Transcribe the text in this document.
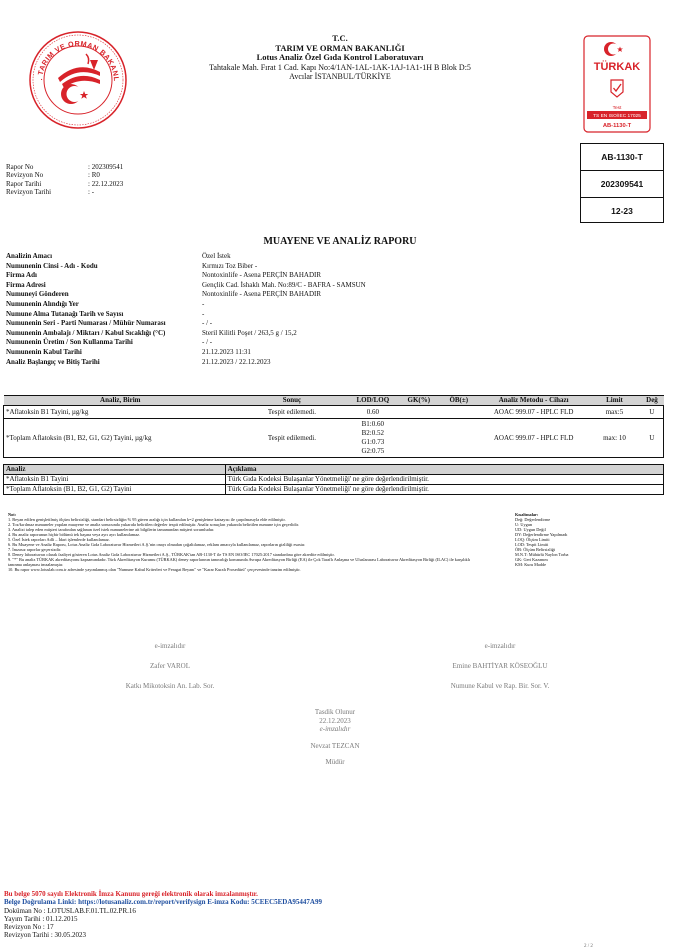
. TARIM VE ORMAN BAKANL
T.C.
TARIM VE ORMAN BAKANLIĞI
Lotus Analiz Özel Gıda Kontrol Laboratuvarı
Tahtakale Mah. Fırat 1 Cad. Kapı No:4/1AN-1AL-1AK-1AJ-1A1-1H B Blok D:5
Avcılar İSTANBUL/TÜRKİYE
TÜRKAK
Test
TS EN ISO/IEC 17025
AB-1130-T
Rapor No	: 202309541
Revizyon No	: R0
Rapor Tarihi	: 22.12.2023
Revizyon Tarihi	: -
AB-1130-T
202309541
12-23
MUAYENE VE ANALİZ RAPORU
Analizin Amacı	Özel İstek
Numunenin Cinsi - Adı - Kodu	Kırmızı Toz Biber -
Firma Adı	Nontoxinlife - Asena PERÇİN BAHADIR
Firma Adresi	Gençlik Cad. İshaklı Mah. No:89/C - BAFRA - SAMSUN
Numuneyi Gönderen	Nontoxinlife - Asena PERÇİN BAHADIR
Numunenin Alındığı Yer	-
Numune Alma Tutanağı Tarih ve Sayısı	-
Numunenin Seri - Parti Numarası / Mühür Numarası	- / -
Numunenin Ambalajı / Miktarı / Kabul Sıcaklığı (°C)	Steril Kilitli Poşet / 263,5 g / 15,2
Numunenin Üretim / Son Kullanma Tarihi	- / -
Numunenin Kabul Tarihi	21.12.2023 11:31
Analiz Başlangıç ve Bitiş Tarihi	21.12.2023 / 22.12.2023
Analiz, Birim	Sonuç	LOD/LOQ	GK(%)	ÖB(±)	Analiz Metodu - Cihazı	Limit	Değ
*Aflatoksin B1 Tayini, µg/kg	Tespit edilemedi.	0.60			AOAC 999.07 - HPLC FLD	max:5	U
*Toplam Aflatoksin (B1, B2, G1, G2) Tayini, µg/kg	Tespit edilemedi.	B1:0.60
B2:0.52
G1:0.73
G2:0.75			AOAC 999.07 - HPLC FLD	max: 10	U
Analiz	Açıklama
*Aflatoksin B1 Tayini	Türk Gıda Kodeksi Bulaşanlar Yönetmeliği' ne göre değerlendirilmiştir.
*Toplam Aflatoksin (B1, B2, G1, G2) Tayini	Türk Gıda Kodeksi Bulaşanlar Yönetmeliği' ne göre değerlendirilmiştir.
Not:
1. Beyan edilen genişletilmiş ölçüm belirsizliği, standart belirsizliğin % 95 güven aralığı için kullanılan k=2 genişletme katsayısı ile çarpılmasıyla elde edilmiştir.
2. Toz/kırılmaz numuneler yapılan muayene ve analiz sonucunda yukarıda belirtilen değerler tespit edilmiştir. Analiz sonuçları yukarıda belirtilen numune için geçerlidir.
3. Analizi talep eden müşteri tarafından sağlanan özel istek numunelerine ait bilgilerin tamamından müşteri sorumludur.
4. Bu analiz raporunun hiçbir bölümü tek başına veya ayrı ayrı kullanılamaz.
5. Özel İstek raporları Adli – İdari işlemlerde kullanılamaz.
6. Bu Muayene ve Analiz Raporu, Lotus Analiz Gıda Laboratuvar Hizmetleri A.Ş.'nin onayı olmadan çoğaltılamaz, reklam amacıyla kullanılamaz, raporların gizliliği esastır.
7. İmzasız raporlar geçersizdir.
8. Deney laboratuvarı olarak faaliyet gösteren Lotus Analiz Gıda Laboratuvar Hizmetleri A.Ş., TÜRKAK'tan AB-1130-T ile TS EN ISO/IEC 17025:2017 standardına göre akredite edilmiştir.
9. "*" Bu analiz TÜRKAK akreditasyonu kapsamındadır. Türk Akreditasyon Kurumu (TÜRKAK) deney raporlarının tanınırlığı konusunda Avrupa Akreditasyon Birliği (EA) ile Çok Taraflı Anlaşma ve Uluslararası Laboratuvar Akreditasyon Birliği (ILAC) ile karşılıklı tanınma anlaşması imzalamıştır.
10. Bu rapor www.lotuslab.com.tr adresinde yayımlanmış olan "Numune Kabul Kriterleri ve Feragat Beyanı" ve "Karar Kuralı Prosedürü" çerçevesinde tanzim edilmiştir.
Kısaltmalar:
Değ: Değerlendirme
U: Uygun
UD: Uygun Değil
DY: Değerlendirme Yapılmadı
LOQ: Ölçüm Limiti
LOD: Tespit Limiti
ÖB: Ölçüm Belirsizliği
M.N.T: Mühürlü Naylon Torba
GK: Geri Kazanım
KM: Kuru Madde
e-imzalıdır
Zafer VAROL
Katkı Mikotoksin An. Lab. Sor.
e-imzalıdır
Emine BAHTİYAR KÖSEOĞLU
Numune Kabul ve Rap. Bir. Sor. V.
Tasdik Olunur
22.12.2023
e-imzalıdır
Nevzat TEZCAN
Müdür
Bu belge 5070 sayılı Elektronik İmza Kanunu gereği elektronik olarak imzalanmıştır.
Belge Doğrulama Linki: https://lotusanaliz.com.tr/report/verifysign E-imza Kodu: 5CEEC5EDA95447A99
Doküman No : LOTUSLAB.F.01.TL.02.PR.16
Yayım Tarihi : 01.12.2015
Revizyon No : 17
Revizyon Tarihi : 30.05.2023
2 / 2
